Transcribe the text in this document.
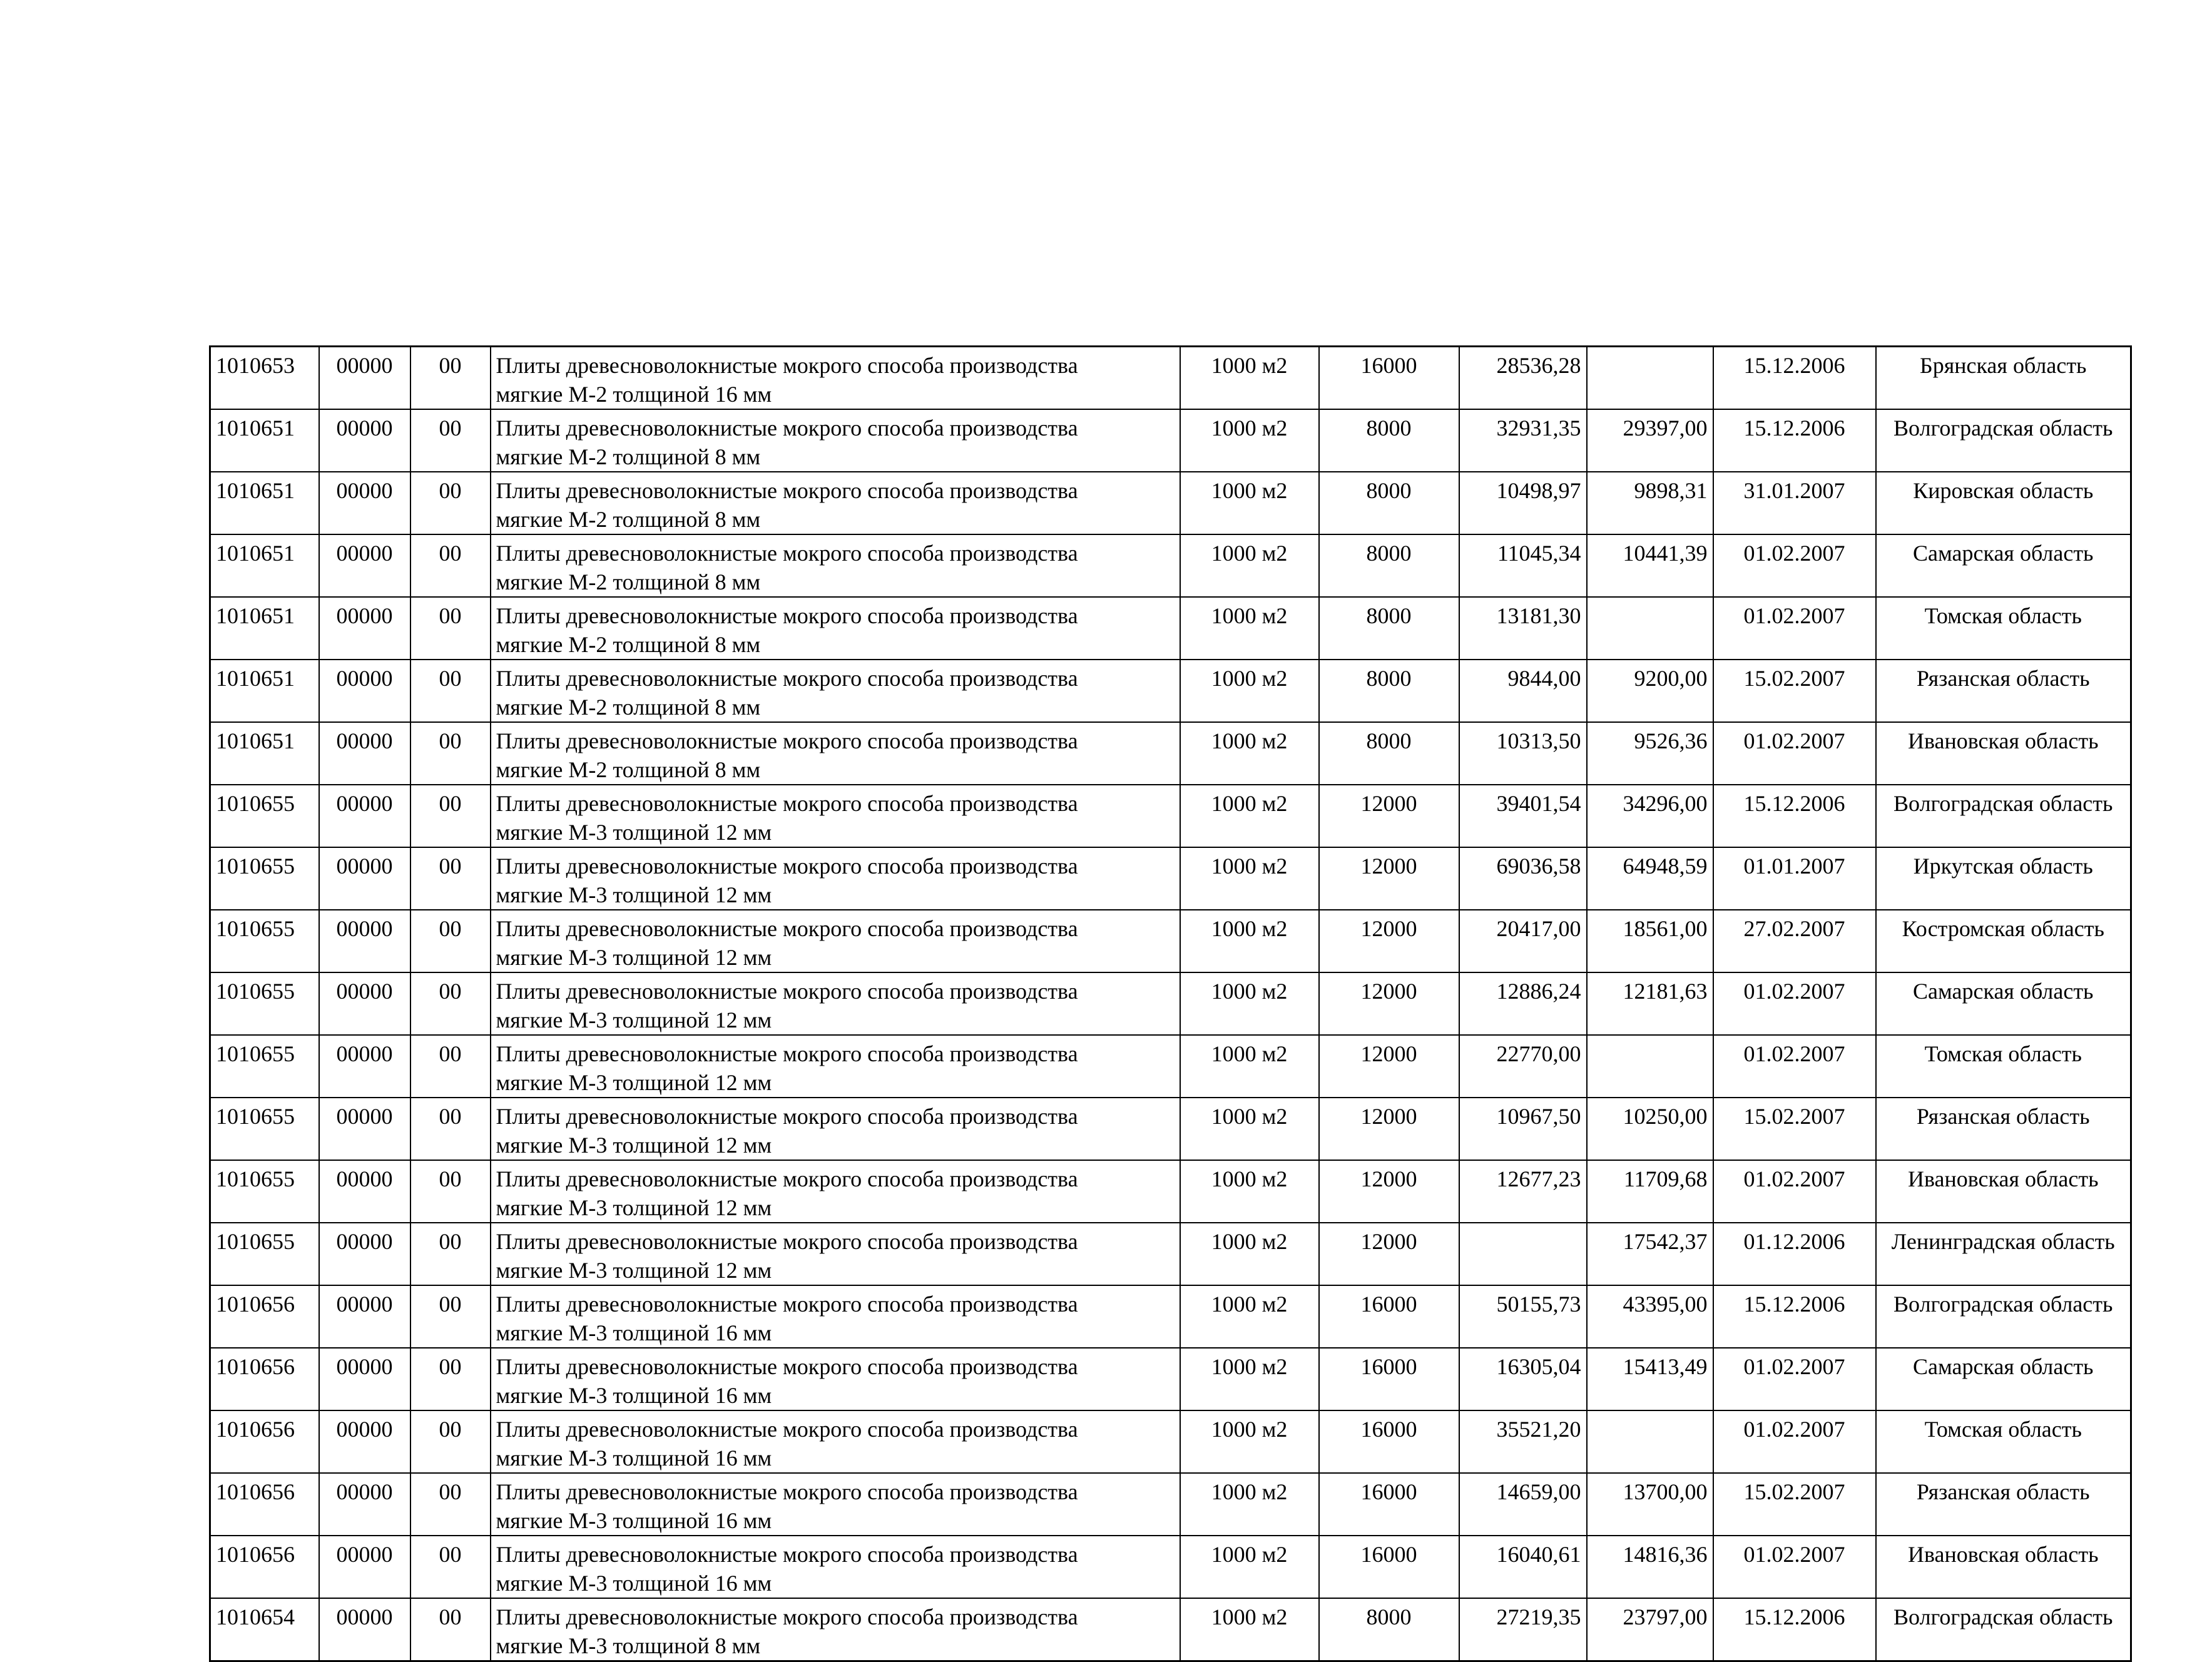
1010653	00000	00	Плиты древесноволокнистые мокрого способа производства
мягкие М-2 толщиной 16 мм	1000 м2	16000	28536,28		15.12.2006	Брянская область
1010651	00000	00	Плиты древесноволокнистые мокрого способа производства
мягкие М-2 толщиной 8 мм	1000 м2	8000	32931,35	29397,00	15.12.2006	Волгоградская область
1010651	00000	00	Плиты древесноволокнистые мокрого способа производства
мягкие М-2 толщиной 8 мм	1000 м2	8000	10498,97	9898,31	31.01.2007	Кировская область
1010651	00000	00	Плиты древесноволокнистые мокрого способа производства
мягкие М-2 толщиной 8 мм	1000 м2	8000	11045,34	10441,39	01.02.2007	Самарская область
1010651	00000	00	Плиты древесноволокнистые мокрого способа производства
мягкие М-2 толщиной 8 мм	1000 м2	8000	13181,30		01.02.2007	Томская область
1010651	00000	00	Плиты древесноволокнистые мокрого способа производства
мягкие М-2 толщиной 8 мм	1000 м2	8000	9844,00	9200,00	15.02.2007	Рязанская область
1010651	00000	00	Плиты древесноволокнистые мокрого способа производства
мягкие М-2 толщиной 8 мм	1000 м2	8000	10313,50	9526,36	01.02.2007	Ивановская область
1010655	00000	00	Плиты древесноволокнистые мокрого способа производства
мягкие М-3 толщиной 12 мм	1000 м2	12000	39401,54	34296,00	15.12.2006	Волгоградская область
1010655	00000	00	Плиты древесноволокнистые мокрого способа производства
мягкие М-3 толщиной 12 мм	1000 м2	12000	69036,58	64948,59	01.01.2007	Иркутская область
1010655	00000	00	Плиты древесноволокнистые мокрого способа производства
мягкие М-3 толщиной 12 мм	1000 м2	12000	20417,00	18561,00	27.02.2007	Костромская область
1010655	00000	00	Плиты древесноволокнистые мокрого способа производства
мягкие М-3 толщиной 12 мм	1000 м2	12000	12886,24	12181,63	01.02.2007	Самарская область
1010655	00000	00	Плиты древесноволокнистые мокрого способа производства
мягкие М-3 толщиной 12 мм	1000 м2	12000	22770,00		01.02.2007	Томская область
1010655	00000	00	Плиты древесноволокнистые мокрого способа производства
мягкие М-3 толщиной 12 мм	1000 м2	12000	10967,50	10250,00	15.02.2007	Рязанская область
1010655	00000	00	Плиты древесноволокнистые мокрого способа производства
мягкие М-3 толщиной 12 мм	1000 м2	12000	12677,23	11709,68	01.02.2007	Ивановская область
1010655	00000	00	Плиты древесноволокнистые мокрого способа производства
мягкие М-3 толщиной 12 мм	1000 м2	12000		17542,37	01.12.2006	Ленинградская область
1010656	00000	00	Плиты древесноволокнистые мокрого способа производства
мягкие М-3 толщиной 16 мм	1000 м2	16000	50155,73	43395,00	15.12.2006	Волгоградская область
1010656	00000	00	Плиты древесноволокнистые мокрого способа производства
мягкие М-3 толщиной 16 мм	1000 м2	16000	16305,04	15413,49	01.02.2007	Самарская область
1010656	00000	00	Плиты древесноволокнистые мокрого способа производства
мягкие М-3 толщиной 16 мм	1000 м2	16000	35521,20		01.02.2007	Томская область
1010656	00000	00	Плиты древесноволокнистые мокрого способа производства
мягкие М-3 толщиной 16 мм	1000 м2	16000	14659,00	13700,00	15.02.2007	Рязанская область
1010656	00000	00	Плиты древесноволокнистые мокрого способа производства
мягкие М-3 толщиной 16 мм	1000 м2	16000	16040,61	14816,36	01.02.2007	Ивановская область
1010654	00000	00	Плиты древесноволокнистые мокрого способа производства
мягкие М-3 толщиной 8 мм	1000 м2	8000	27219,35	23797,00	15.12.2006	Волгоградская область
